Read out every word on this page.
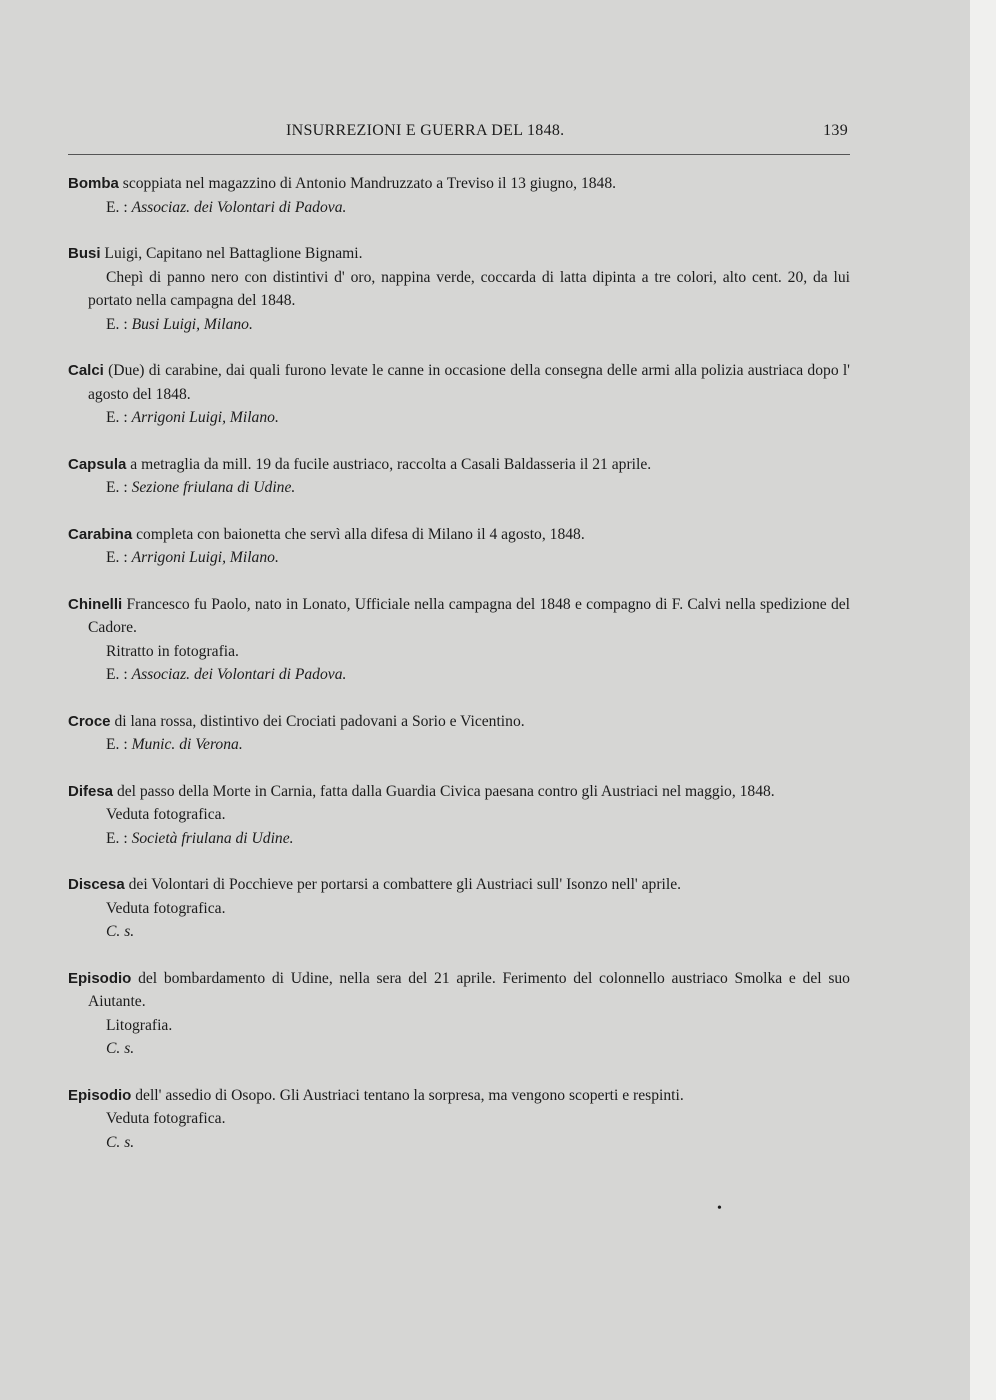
INSURREZIONI E GUERRA DEL 1848.	139

Bomba scoppiata nel magazzino di Antonio Mandruzzato a Treviso il 13 giugno, 1848.

E. : Associaz. dei Volontari di Padova.

Busi Luigi, Capitano nel Battaglione Bignami.

Chepì di panno nero con distintivi d' oro, nappina verde, coccarda di latta dipinta a tre colori, alto cent. 20, da lui portato nella campagna del 1848.

E. : Busi Luigi, Milano.

Calci (Due) di carabine, dai quali furono levate le canne in occasione della consegna delle armi alla polizia austriaca dopo l' agosto del 1848.

E. : Arrigoni Luigi, Milano.

Capsula a metraglia da mill. 19 da fucile austriaco, raccolta a Casali Baldasseria il 21 aprile.

E. : Sezione friulana di Udine.

Carabina completa con baionetta che servì alla difesa di Milano il 4 agosto, 1848.

E. : Arrigoni Luigi, Milano.

Chinelli Francesco fu Paolo, nato in Lonato, Ufficiale nella campagna del 1848 e compagno di F. Calvi nella spedizione del Cadore.

Ritratto in fotografia.

E. : Associaz. dei Volontari di Padova.

Croce di lana rossa, distintivo dei Crociati padovani a Sorio e Vicentino.

E. : Munic. di Verona.

Difesa del passo della Morte in Carnia, fatta dalla Guardia Civica paesana contro gli Austriaci nel maggio, 1848.

Veduta fotografica.

E. : Società friulana di Udine.

Discesa dei Volontari di Pocchieve per portarsi a combattere gli Austriaci sull' Isonzo nell' aprile.

Veduta fotografica.

C. s.

Episodio del bombardamento di Udine, nella sera del 21 aprile. Ferimento del colonnello austriaco Smolka e del suo Aiutante.

Litografia.

C. s.

Episodio dell' assedio di Osopo. Gli Austriaci tentano la sorpresa, ma vengono scoperti e respinti.

Veduta fotografica.

C. s.

•
